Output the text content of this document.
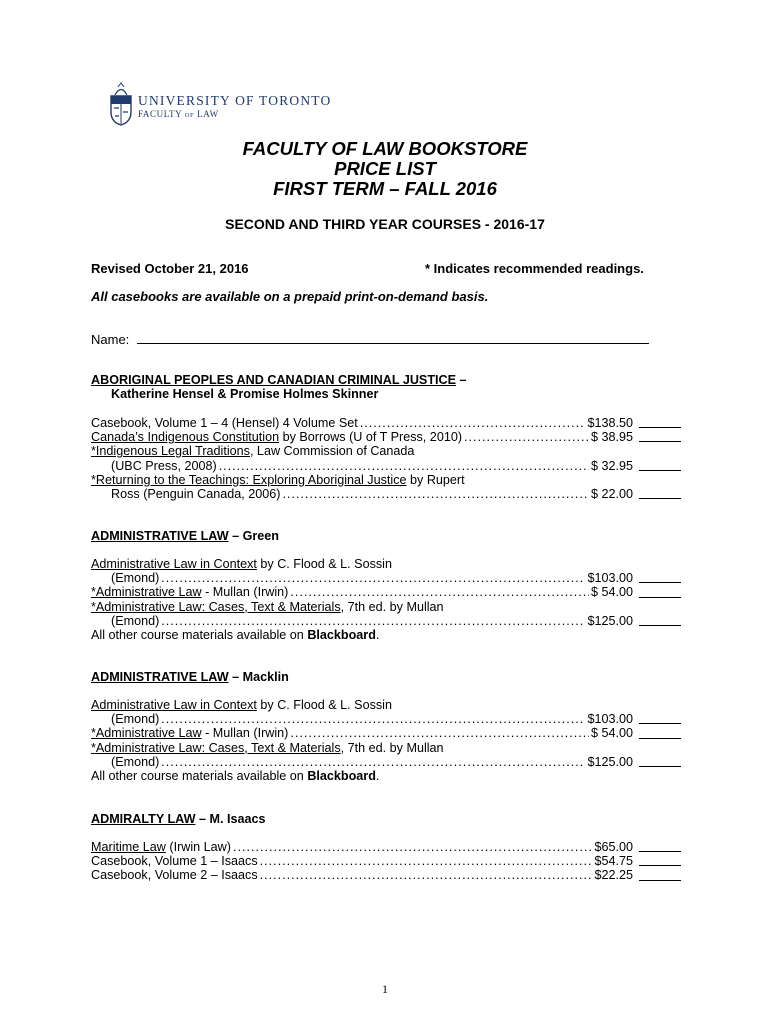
UNIVERSITY OF TORONTO
FACULTY OF LAW
FACULTY OF LAW BOOKSTORE
PRICE LIST
FIRST TERM – FALL 2016
SECOND AND THIRD YEAR COURSES - 2016-17
Revised October 21, 2016	* Indicates recommended readings.
All casebooks are available on a prepaid print-on-demand basis.
Name:
ABORIGINAL PEOPLES AND CANADIAN CRIMINAL JUSTICE –
Katherine Hensel & Promise Holmes Skinner
Casebook, Volume 1 – 4 (Hensel) 4 Volume Set .....	$138.50
Canada’s Indigenous Constitution by Borrows (U of T Press, 2010) .....	$ 38.95
*Indigenous Legal Traditions, Law Commission of Canada
(UBC Press, 2008) .....	$ 32.95
*Returning to the Teachings: Exploring Aboriginal Justice by Rupert
Ross (Penguin Canada, 2006) .....	$ 22.00
ADMINISTRATIVE LAW – Green
Administrative Law in Context by C. Flood & L. Sossin
(Emond) .....	$103.00
*Administrative Law - Mullan (Irwin) .....	$ 54.00
*Administrative Law: Cases, Text & Materials, 7th ed. by Mullan
(Emond) .....	$125.00
All other course materials available on Blackboard.
ADMINISTRATIVE LAW – Macklin
Administrative Law in Context by C. Flood & L. Sossin
(Emond) .....	$103.00
*Administrative Law - Mullan (Irwin) .....	$ 54.00
*Administrative Law: Cases, Text & Materials, 7th ed. by Mullan
(Emond) .....	$125.00
All other course materials available on Blackboard.
ADMIRALTY LAW – M. Isaacs
Maritime Law (Irwin Law) .....	$65.00
Casebook, Volume 1 – Isaacs .....	$54.75
Casebook, Volume 2 – Isaacs .....	$22.25
1
